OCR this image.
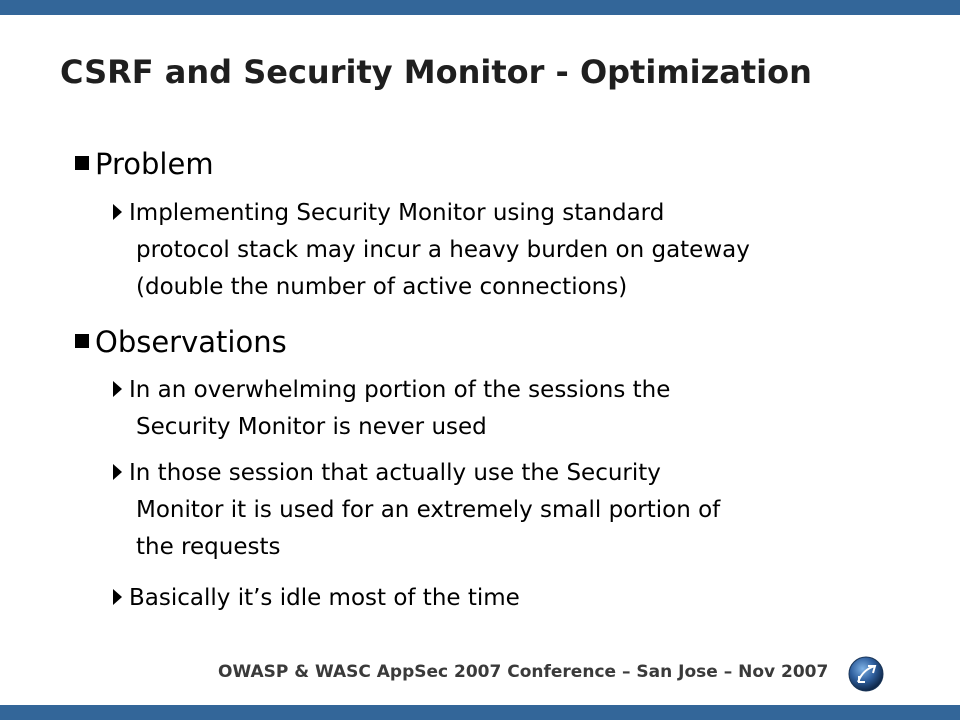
CSRF and Security Monitor - Optimization
Problem
Implementing Security Monitor using standard
protocol stack may incur a heavy burden on gateway
(double the number of active connections)
Observations
In an overwhelming portion of the sessions the
Security Monitor is never used
In those session that actually use the Security
Monitor it is used for an extremely small portion of
the requests
Basically it’s idle most of the time
OWASP & WASC AppSec 2007 Conference – San Jose – Nov 2007
